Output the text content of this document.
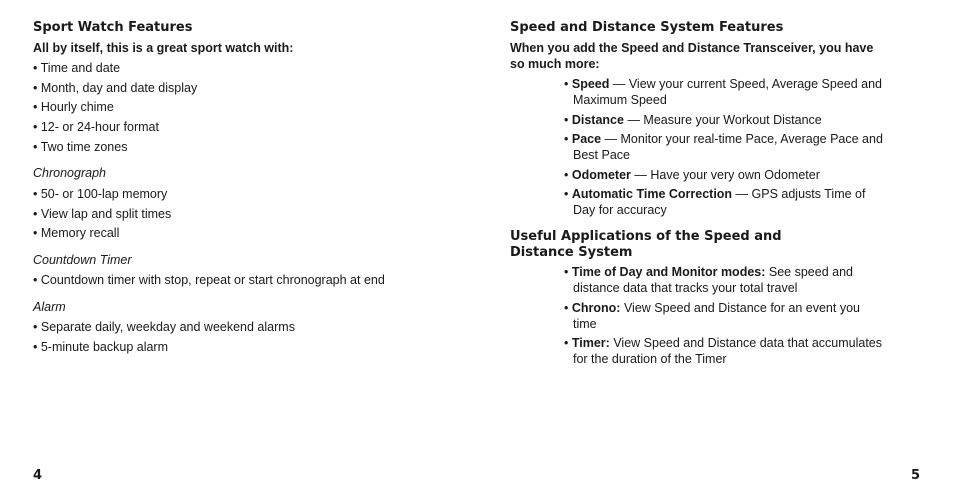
Sport Watch Features
All by itself, this is a great sport watch with:
• Time and date
• Month, day and date display
• Hourly chime
• 12- or 24-hour format
• Two time zones
Chronograph
• 50- or 100-lap memory
• View lap and split times
• Memory recall
Countdown Timer
• Countdown timer with stop, repeat or start chronograph at end
Alarm
• Separate daily, weekday and weekend alarms
• 5-minute backup alarm
4
Speed and Distance System Features
When you add the Speed and Distance Transceiver, you have so much more:
• Speed — View your current Speed, Average Speed and Maximum Speed
• Distance — Measure your Workout Distance
• Pace — Monitor your real-time Pace, Average Pace and Best Pace
• Odometer — Have your very own Odometer
• Automatic Time Correction — GPS adjusts Time of Day for accuracy
Useful Applications of the Speed and Distance System
• Time of Day and Monitor modes: See speed and distance data that tracks your total travel
• Chrono: View Speed and Distance for an event you time
• Timer: View Speed and Distance data that accumulates for the duration of the Timer
5
